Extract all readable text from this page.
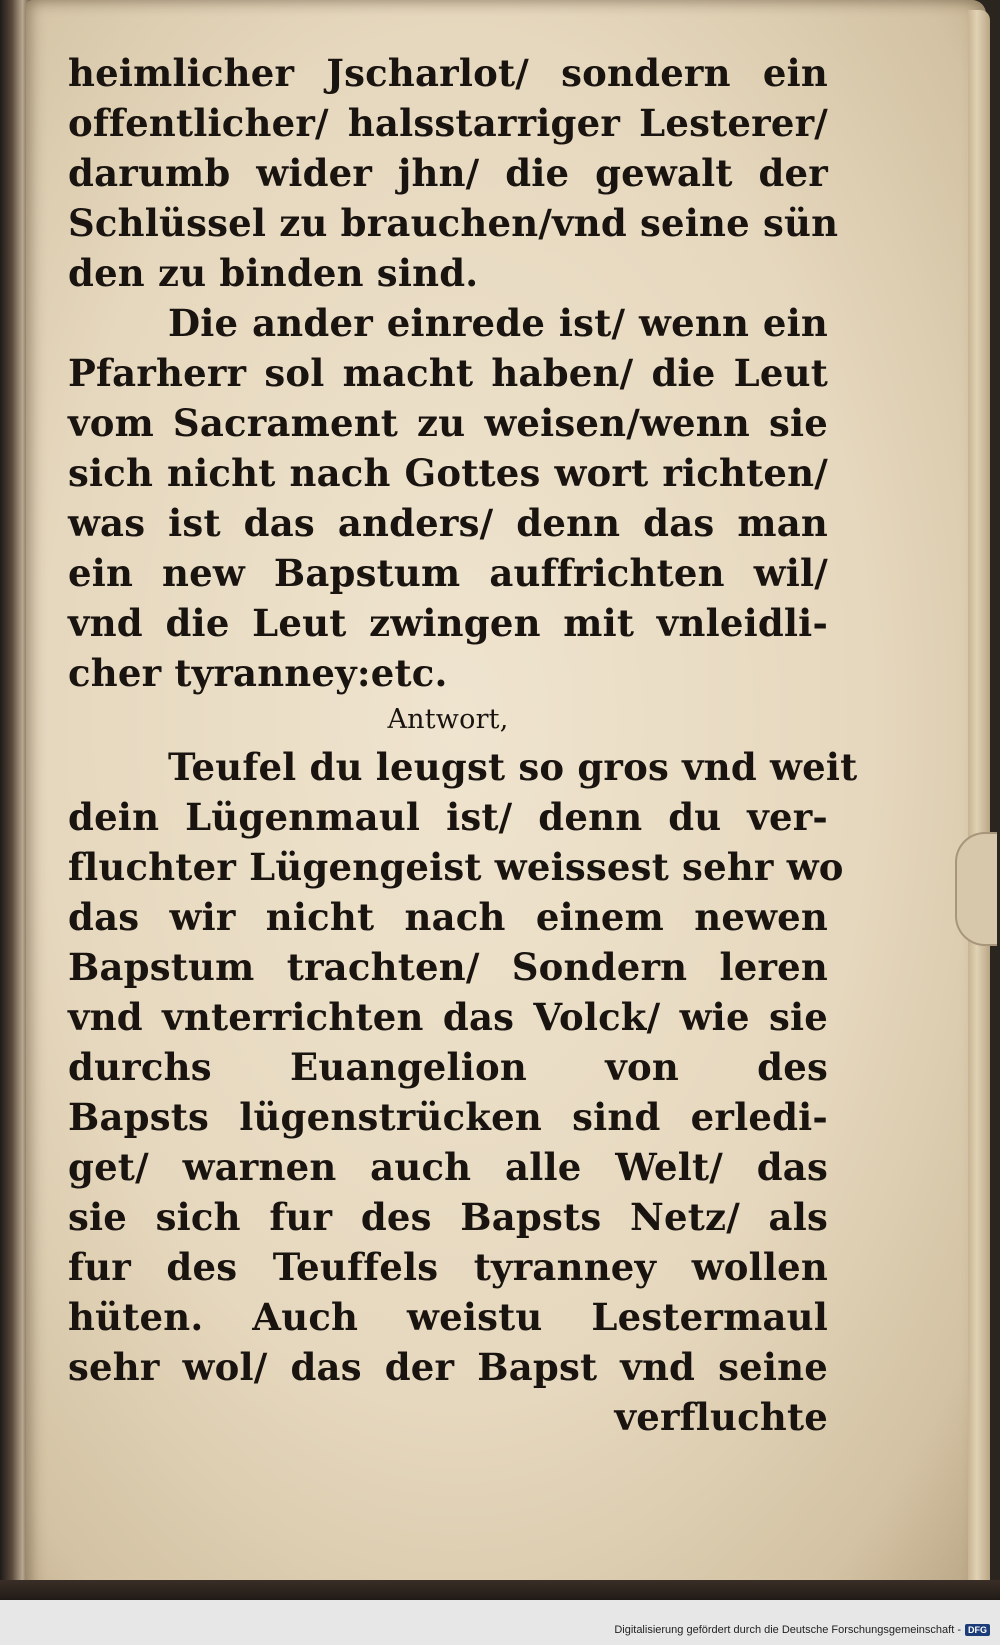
heimlicher Jscharlot/ sondern ein
offentlicher/ halsstarriger Lesterer/
darumb wider jhn/ die gewalt der
Schlüssel zu brauchen/vnd seine sün
den zu binden sind.
Die ander einrede ist/ wenn ein
Pfarherr sol macht haben/ die Leut
vom Sacrament zu weisen/wenn sie
sich nicht nach Gottes wort richten/
was ist das anders/ denn das man
ein new Bapstum auffrichten wil/
vnd die Leut zwingen mit vnleidli-
cher tyranney:etc.
Antwort,
Teufel du leugst so gros vnd weit
dein Lügenmaul ist/ denn du ver-
fluchter Lügengeist weissest sehr wo
das wir nicht nach einem newen
Bapstum trachten/ Sondern leren
vnd vnterrichten das Volck/ wie sie
durchs Euangelion von des
Bapsts lügenstrücken sind erledi-
get/ warnen auch alle Welt/ das
sie sich fur des Bapsts Netz/ als
fur des Teuffels tyranney wollen
hüten. Auch weistu Lestermaul
sehr wol/ das der Bapst vnd seine
verfluchte
Digitalisierung gefördert durch die Deutsche Forschungsgemeinschaft - DFG
